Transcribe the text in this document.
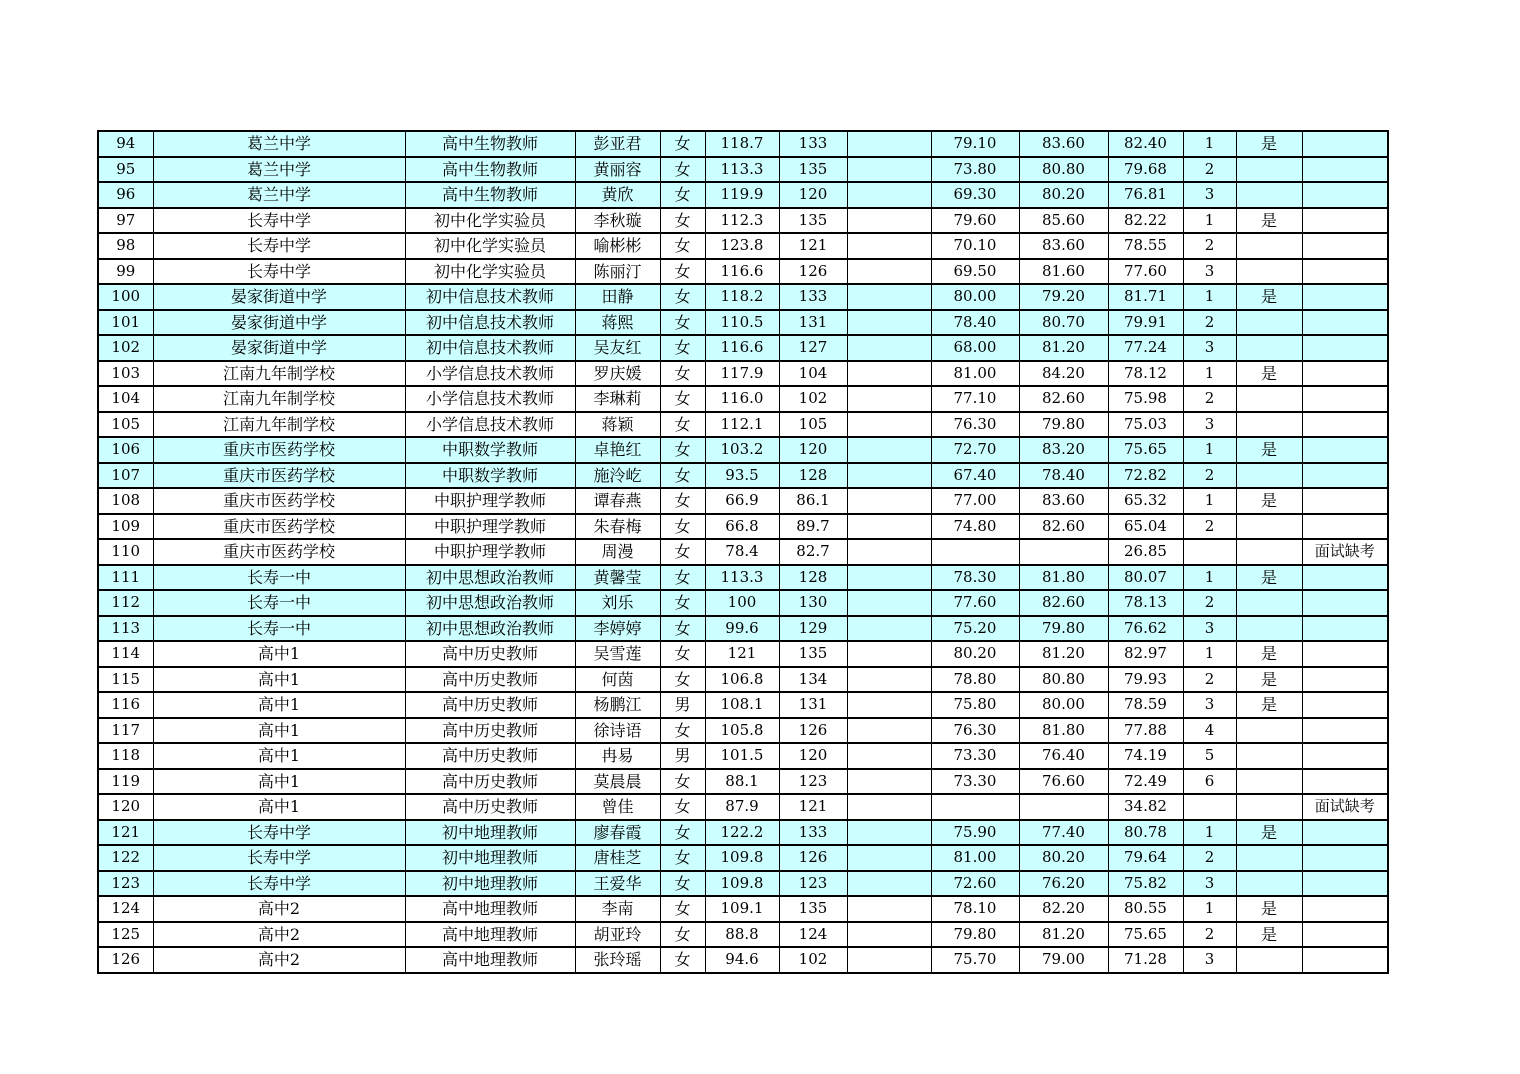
94	葛兰中学	高中生物教师	彭亚君	女	118.7	133		79.10	83.60	82.40	1	是	
95	葛兰中学	高中生物教师	黄丽容	女	113.3	135		73.80	80.80	79.68	2		
96	葛兰中学	高中生物教师	黄欣	女	119.9	120		69.30	80.20	76.81	3		
97	长寿中学	初中化学实验员	李秋璇	女	112.3	135		79.60	85.60	82.22	1	是	
98	长寿中学	初中化学实验员	喻彬彬	女	123.8	121		70.10	83.60	78.55	2		
99	长寿中学	初中化学实验员	陈丽汀	女	116.6	126		69.50	81.60	77.60	3		
100	晏家街道中学	初中信息技术教师	田静	女	118.2	133		80.00	79.20	81.71	1	是	
101	晏家街道中学	初中信息技术教师	蒋熙	女	110.5	131		78.40	80.70	79.91	2		
102	晏家街道中学	初中信息技术教师	吴友红	女	116.6	127		68.00	81.20	77.24	3		
103	江南九年制学校	小学信息技术教师	罗庆媛	女	117.9	104		81.00	84.20	78.12	1	是	
104	江南九年制学校	小学信息技术教师	李琳莉	女	116.0	102		77.10	82.60	75.98	2		
105	江南九年制学校	小学信息技术教师	蒋颖	女	112.1	105		76.30	79.80	75.03	3		
106	重庆市医药学校	中职数学教师	卓艳红	女	103.2	120		72.70	83.20	75.65	1	是	
107	重庆市医药学校	中职数学教师	施泠屹	女	93.5	128		67.40	78.40	72.82	2		
108	重庆市医药学校	中职护理学教师	谭春燕	女	66.9	86.1		77.00	83.60	65.32	1	是	
109	重庆市医药学校	中职护理学教师	朱春梅	女	66.8	89.7		74.80	82.60	65.04	2		
110	重庆市医药学校	中职护理学教师	周漫	女	78.4	82.7				26.85			面试缺考
111	长寿一中	初中思想政治教师	黄馨莹	女	113.3	128		78.30	81.80	80.07	1	是	
112	长寿一中	初中思想政治教师	刘乐	女	100	130		77.60	82.60	78.13	2		
113	长寿一中	初中思想政治教师	李婷婷	女	99.6	129		75.20	79.80	76.62	3		
114	高中1	高中历史教师	吴雪莲	女	121	135		80.20	81.20	82.97	1	是	
115	高中1	高中历史教师	何茵	女	106.8	134		78.80	80.80	79.93	2	是	
116	高中1	高中历史教师	杨鹏江	男	108.1	131		75.80	80.00	78.59	3	是	
117	高中1	高中历史教师	徐诗语	女	105.8	126		76.30	81.80	77.88	4		
118	高中1	高中历史教师	冉易	男	101.5	120		73.30	76.40	74.19	5		
119	高中1	高中历史教师	莫晨晨	女	88.1	123		73.30	76.60	72.49	6		
120	高中1	高中历史教师	曾佳	女	87.9	121				34.82			面试缺考
121	长寿中学	初中地理教师	廖春霞	女	122.2	133		75.90	77.40	80.78	1	是	
122	长寿中学	初中地理教师	唐桂芝	女	109.8	126		81.00	80.20	79.64	2		
123	长寿中学	初中地理教师	王爱华	女	109.8	123		72.60	76.20	75.82	3		
124	高中2	高中地理教师	李南	女	109.1	135		78.10	82.20	80.55	1	是	
125	高中2	高中地理教师	胡亚玲	女	88.8	124		79.80	81.20	75.65	2	是	
126	高中2	高中地理教师	张玲瑶	女	94.6	102		75.70	79.00	71.28	3		
